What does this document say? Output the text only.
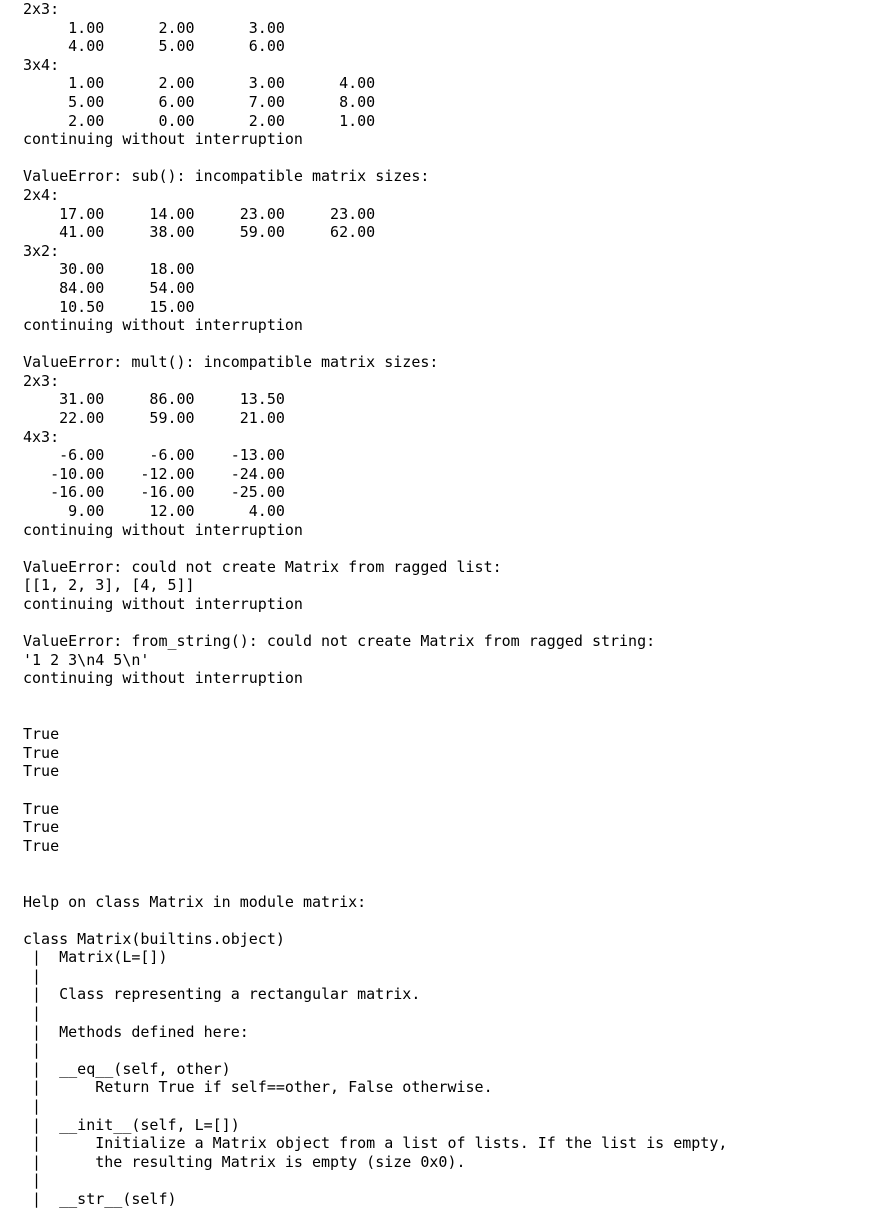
2x3:
1.00      2.00      3.00
4.00      5.00      6.00
3x4:
1.00      2.00      3.00      4.00
5.00      6.00      7.00      8.00
2.00      0.00      2.00      1.00
continuing without interruption
ValueError: sub(): incompatible matrix sizes:
2x4:
17.00     14.00     23.00     23.00
41.00     38.00     59.00     62.00
3x2:
30.00     18.00
84.00     54.00
10.50     15.00
continuing without interruption
ValueError: mult(): incompatible matrix sizes:
2x3:
31.00     86.00     13.50
22.00     59.00     21.00
4x3:
-6.00     -6.00    -13.00
-10.00    -12.00    -24.00
-16.00    -16.00    -25.00
9.00     12.00      4.00
continuing without interruption
ValueError: could not create Matrix from ragged list:
[[1, 2, 3], [4, 5]]
continuing without interruption
ValueError: from_string(): could not create Matrix from ragged string:
'1 2 3\n4 5\n'
continuing without interruption
True
True
True
True
True
True
Help on class Matrix in module matrix:
class Matrix(builtins.object)
|  Matrix(L=[])
|
|  Class representing a rectangular matrix.
|
|  Methods defined here:
|
|  __eq__(self, other)
|      Return True if self==other, False otherwise.
|
|  __init__(self, L=[])
|      Initialize a Matrix object from a list of lists. If the list is empty,
|      the resulting Matrix is empty (size 0x0).
|
|  __str__(self)
